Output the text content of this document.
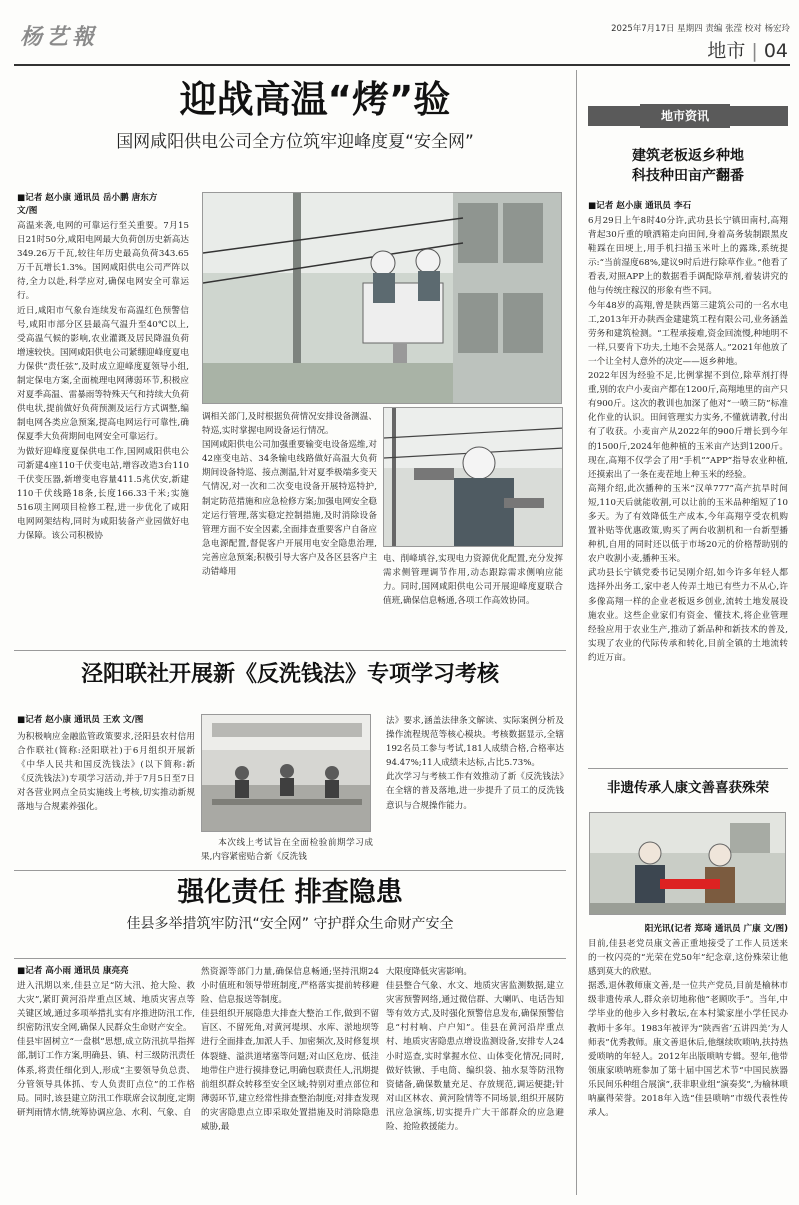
杨艺報	2025年7月17日 星期四 责编 张滢 校对 杨宏玲
地市 | 04
迎战高温“烤”验
国网咸阳供电公司全方位筑牢迎峰度夏“安全网”
■记者 赵小康 通讯员 岳小鹏 唐东方
文/图
高温来袭,电网的可靠运行至关重要。7月15日21时50分,咸阳电网最大负荷创历史新高达349.26万千瓦,较往年历史最高负荷343.65万千瓦增长1.3%。国网咸阳供电公司严阵以待,全力以赴,科学应对,确保电网安全可靠运行。
近日,咸阳市气象台连续发布高温红色预警信号,咸阳市部分区县最高气温升至40℃以上,受高温气候的影响,农业灌溉及居民降温负荷增速较快。国网咸阳供电公司紧绷迎峰度夏电力保供“责任弦”,及时成立迎峰度夏领导小组,制定保电方案,全面梳理电网薄弱环节,积极应对夏季高温、雷暴雨等特殊天气和持续大负荷供电状,提前做好负荷预测及运行方式调整,编制电网各类应急预案,提高电网运行可靠性,确保夏季大负荷期间电网安全可靠运行。
为做好迎峰度夏保供电工作,国网咸阳供电公司新建4座110千伏变电站,增容改造3台110千伏变压器,新增变电容量411.5兆伏安,新建110千伏线路18条,长度166.33千米;实施516项主网项目检修工程,进一步优化了咸阳电网网架结构,同时为咸阳装备产业园做好电力保障。该公司积极协
调相关部门,及时根据负荷情况安排设备测温、特巡,实时掌握电网设备运行情况。
国网咸阳供电公司加强重要输变电设备巡维,对42座变电站、34条输电线路做好高温大负荷期间设备特巡、接点测温,针对夏季极端多变天气情况,对一次和二次变电设备开展特巡特护,制定防范措施和应急检修方案;加强电网安全稳定运行管理,落实稳定控制措施,及时消除设备管理方面不安全因素,全面排查重要客户自备应急电源配置,督促客户开展用电安全隐患治理,完善应急预案;积极引导大客户及各区县客户主动错峰用
电、削峰填谷,实现电力资源优化配置,充分发挥需求侧管理调节作用,动态跟踪需求侧响应能力。同时,国网咸阳供电公司开展迎峰度夏联合值班,确保信息畅通,各项工作高效协同。
地市资讯
建筑老板返乡种地
科技种田亩产翻番
■记者 赵小康 通讯员 李石
6月29日上午8时40分许,武功县长宁镇田南村,高翔背起30斤重的喷洒箱走向田间,身着高务装制跟黑皮鞋踩在田埂上,用手机扫描玉米叶上的露珠,系统提示:“当前湿度68%,建议9时后进行除草作业。”他看了看表,对照APP上的数据看手调配除草剂,着装讲究的他与传统庄稼汉的形象有些不同。
今年48岁的高翔,曾是陕西第三建筑公司的一名水电工,2013年开办陕西金建建筑工程有限公司,业务涵盖劳务和建筑检测。“工程承接难,资金回流慢,种地明不一样,只要肯下功夫,土地不会晃落人。”2021年他放了一个让全村人意外的决定——返乡种地。
2022年因为经验不足,比例掌握不到位,除草剂打得重,别的农户小麦亩产都在1200斤,高翔地里的亩产只有900斤。这次的教训也加深了他对“一喷三防”标准化作业的认识。田间管理实力实务,不懂就请教,付出有了收获。小麦亩产从2022年的900斤增长到今年的1500斤,2024年他种植的玉米亩产达到1200斤。现在,高翔不仅学会了用“手机”“APP”指导农业种植,还摸索出了一条在麦茬地上种玉米的经验。
高翔介绍,此次播种的玉米“汉单777”高产抗旱时间短,110天后就能收割,可以让前的玉米品种缩短了10多天。为了有效降低生产成本,今年高翔亨受农机购置补贴等优惠政策,购买了两台收割机和一台新型播种机,自用的同时还以低于市场20元的价格帮助别的农户收割小麦,播种玉米。
武功县长宁镇党委书记吴刚介绍,如今许多年轻人都选择外出务工,家中老人传弄土地已有些力不从心,许多像高翔一样的企业老板返乡创业,流转土地发展设施农业。这些企业家们有资金、懂技术,将企业管理经验应用于农业生产,推动了新品种和新技术的普及,实现了农业的代际传承和转化,目前全镇的土地流转约近万亩。
非遗传承人康文善喜获殊荣
阳光讯(记者 郑琦 通讯员 广康 文/图)
目前,佳县老党员康文善正重地接受了工作人员送来的一枚闪亮的“光荣在党50年”纪念章,这份殊荣让他感到莫大的欣慰。
据悉,退休教师康文善,是一位共产党员,目前是榆林市级非遗传承人,群众亲切地称他“老顾吹手”。当年,中学毕业的他步入乡村教坛,在本村粱家崖小学任民办教师十多年。1983年被评为“陕西省‘五讲四美’为人师表”优秀教师。康文善退休后,他继续吹唢呐,扶持热爱唢呐的年轻人。2012年出版唢呐专辑。翌年,他带领康家唢呐班参加了第十届中国艺术节“中国民族器乐民间乐种组合展演”,获非职业组“演奏奖”,为榆林唢呐赢得荣誉。2018年入选“佳县唢呐”市级代表性传承人。
泾阳联社开展新《反洗钱法》专项学习考核
■记者 赵小康 通讯员 王欢 文/图
为积极响应金融监管政策要求,泾阳县农村信用合作联社(简称:泾阳联社)于6月组织开展新《中华人民共和国反洗钱法》(以下简称:新《反洗钱法》)专项学习活动,并于7月5日至7日对各营业网点全员实施线上考核,切实推动新规落地与合规素养强化。
本次线上考试旨在全面检验前期学习成果,内容紧密贴合新《反洗钱
法》要求,涵盖法律条文解读、实际案例分析及操作流程规范等核心模块。考核数据显示,全辖192名员工参与考试,181人成绩合格,合格率达94.47%;11人成绩未达标,占比5.73%。
此次学习与考核工作有效推动了新《反洗钱法》在全辖的普及落地,进一步提升了员工的反洗钱意识与合规操作能力。
强化责任 排查隐患
佳县多举措筑牢防汛“安全网” 守护群众生命财产安全
■记者 高小雨 通讯员 康亮亮
进入汛期以来,佳县立足“防大汛、抢大险、救大灾”,紧盯黄河沿岸重点区域、地质灾害点等关键区域,通过多项举措扎实有序推进防汛工作,织密防汛安全网,确保人民群众生命财产安全。
佳县牢固树立“一盘棋”思想,成立防汛抗旱指挥部,制订工作方案,明确县、镇、村三级防汛责任体系,将责任细化到人,形成“主要领导负总责、分管领导具体抓、专人负责盯点位”的工作格局。同时,该县建立防汛工作联席会议制度,定期研判雨情水情,统筹协调应急、水利、气象、自
然资源等部门力量,确保信息畅通;坚持汛期24小时值班和领导带班制度,严格落实提前转移避险、信息报送等制度。
佳县组织开展隐患大排查大整治工作,做到不留盲区、不留死角,对黄河堤坝、水库、淤地坝等进行全面排查,加派人手、加密频次,及时修复坝体裂缝、溢洪道堵塞等问题;对山区危房、低洼地带住户进行摸排登记,明确包联责任人,汛期提前组织群众转移至安全区域;特别对重点部位和薄弱环节,建立经常性排查整治制度;对排查发现的灾害隐患点立即采取处置措施及时消除隐患威胁,最
大限度降低灾害影响。
佳县整合气象、水文、地质灾害监测数据,建立灾害预警网络,通过微信群、大喇叭、电话告知等有效方式,及时强化预警信息发布,确保预警信息“村村响、户户知”。佳县在黄河沿岸重点村、地质灾害隐患点增设监测设备,安排专人24小时巡查,实时掌握水位、山体变化情况;同时,做好铁锹、手电筒、编织袋、抽水泵等防汛物资储备,确保数量充足、存放规范,调运便捷;针对山区林农、黄河险情等不同场景,组织开展防汛应急演练,切实提升广大干部群众的应急避险、抢险救援能力。
